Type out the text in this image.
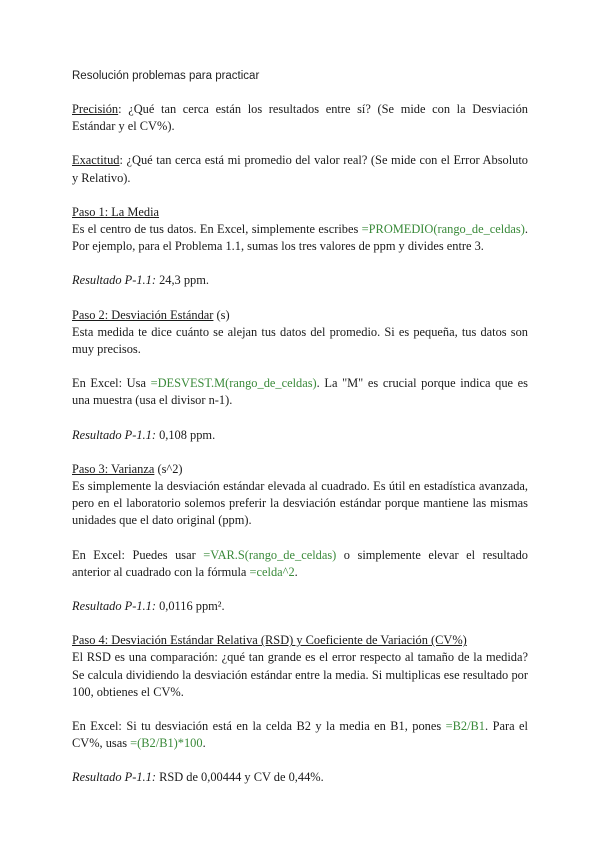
Resolución problemas para practicar

Precisión: ¿Qué tan cerca están los resultados entre sí? (Se mide con la Desviación Estándar y el CV%).

Exactitud: ¿Qué tan cerca está mi promedio del valor real? (Se mide con el Error Absoluto y Relativo).

Paso 1: La Media

Es el centro de tus datos. En Excel, simplemente escribes =PROMEDIO(rango_de_celdas). Por ejemplo, para el Problema 1.1, sumas los tres valores de ppm y divides entre 3.

Resultado P-1.1: 24,3 ppm.

Paso 2: Desviación Estándar (s)

Esta medida te dice cuánto se alejan tus datos del promedio. Si es pequeña, tus datos son muy precisos.

En Excel: Usa =DESVEST.M(rango_de_celdas). La "M" es crucial porque indica que es una muestra (usa el divisor n-1).

Resultado P-1.1: 0,108 ppm.

Paso 3: Varianza (s^2)

Es simplemente la desviación estándar elevada al cuadrado. Es útil en estadística avanzada, pero en el laboratorio solemos preferir la desviación estándar porque mantiene las mismas unidades que el dato original (ppm).

En Excel: Puedes usar =VAR.S(rango_de_celdas) o simplemente elevar el resultado anterior al cuadrado con la fórmula =celda^2.

Resultado P-1.1: 0,0116 ppm².

Paso 4: Desviación Estándar Relativa (RSD) y Coeficiente de Variación (CV%)

El RSD es una comparación: ¿qué tan grande es el error respecto al tamaño de la medida? Se calcula dividiendo la desviación estándar entre la media. Si multiplicas ese resultado por 100, obtienes el CV%.

En Excel: Si tu desviación está en la celda B2 y la media en B1, pones =B2/B1. Para el CV%, usas =(B2/B1)*100.

Resultado P-1.1: RSD de 0,00444 y CV de 0,44%.
